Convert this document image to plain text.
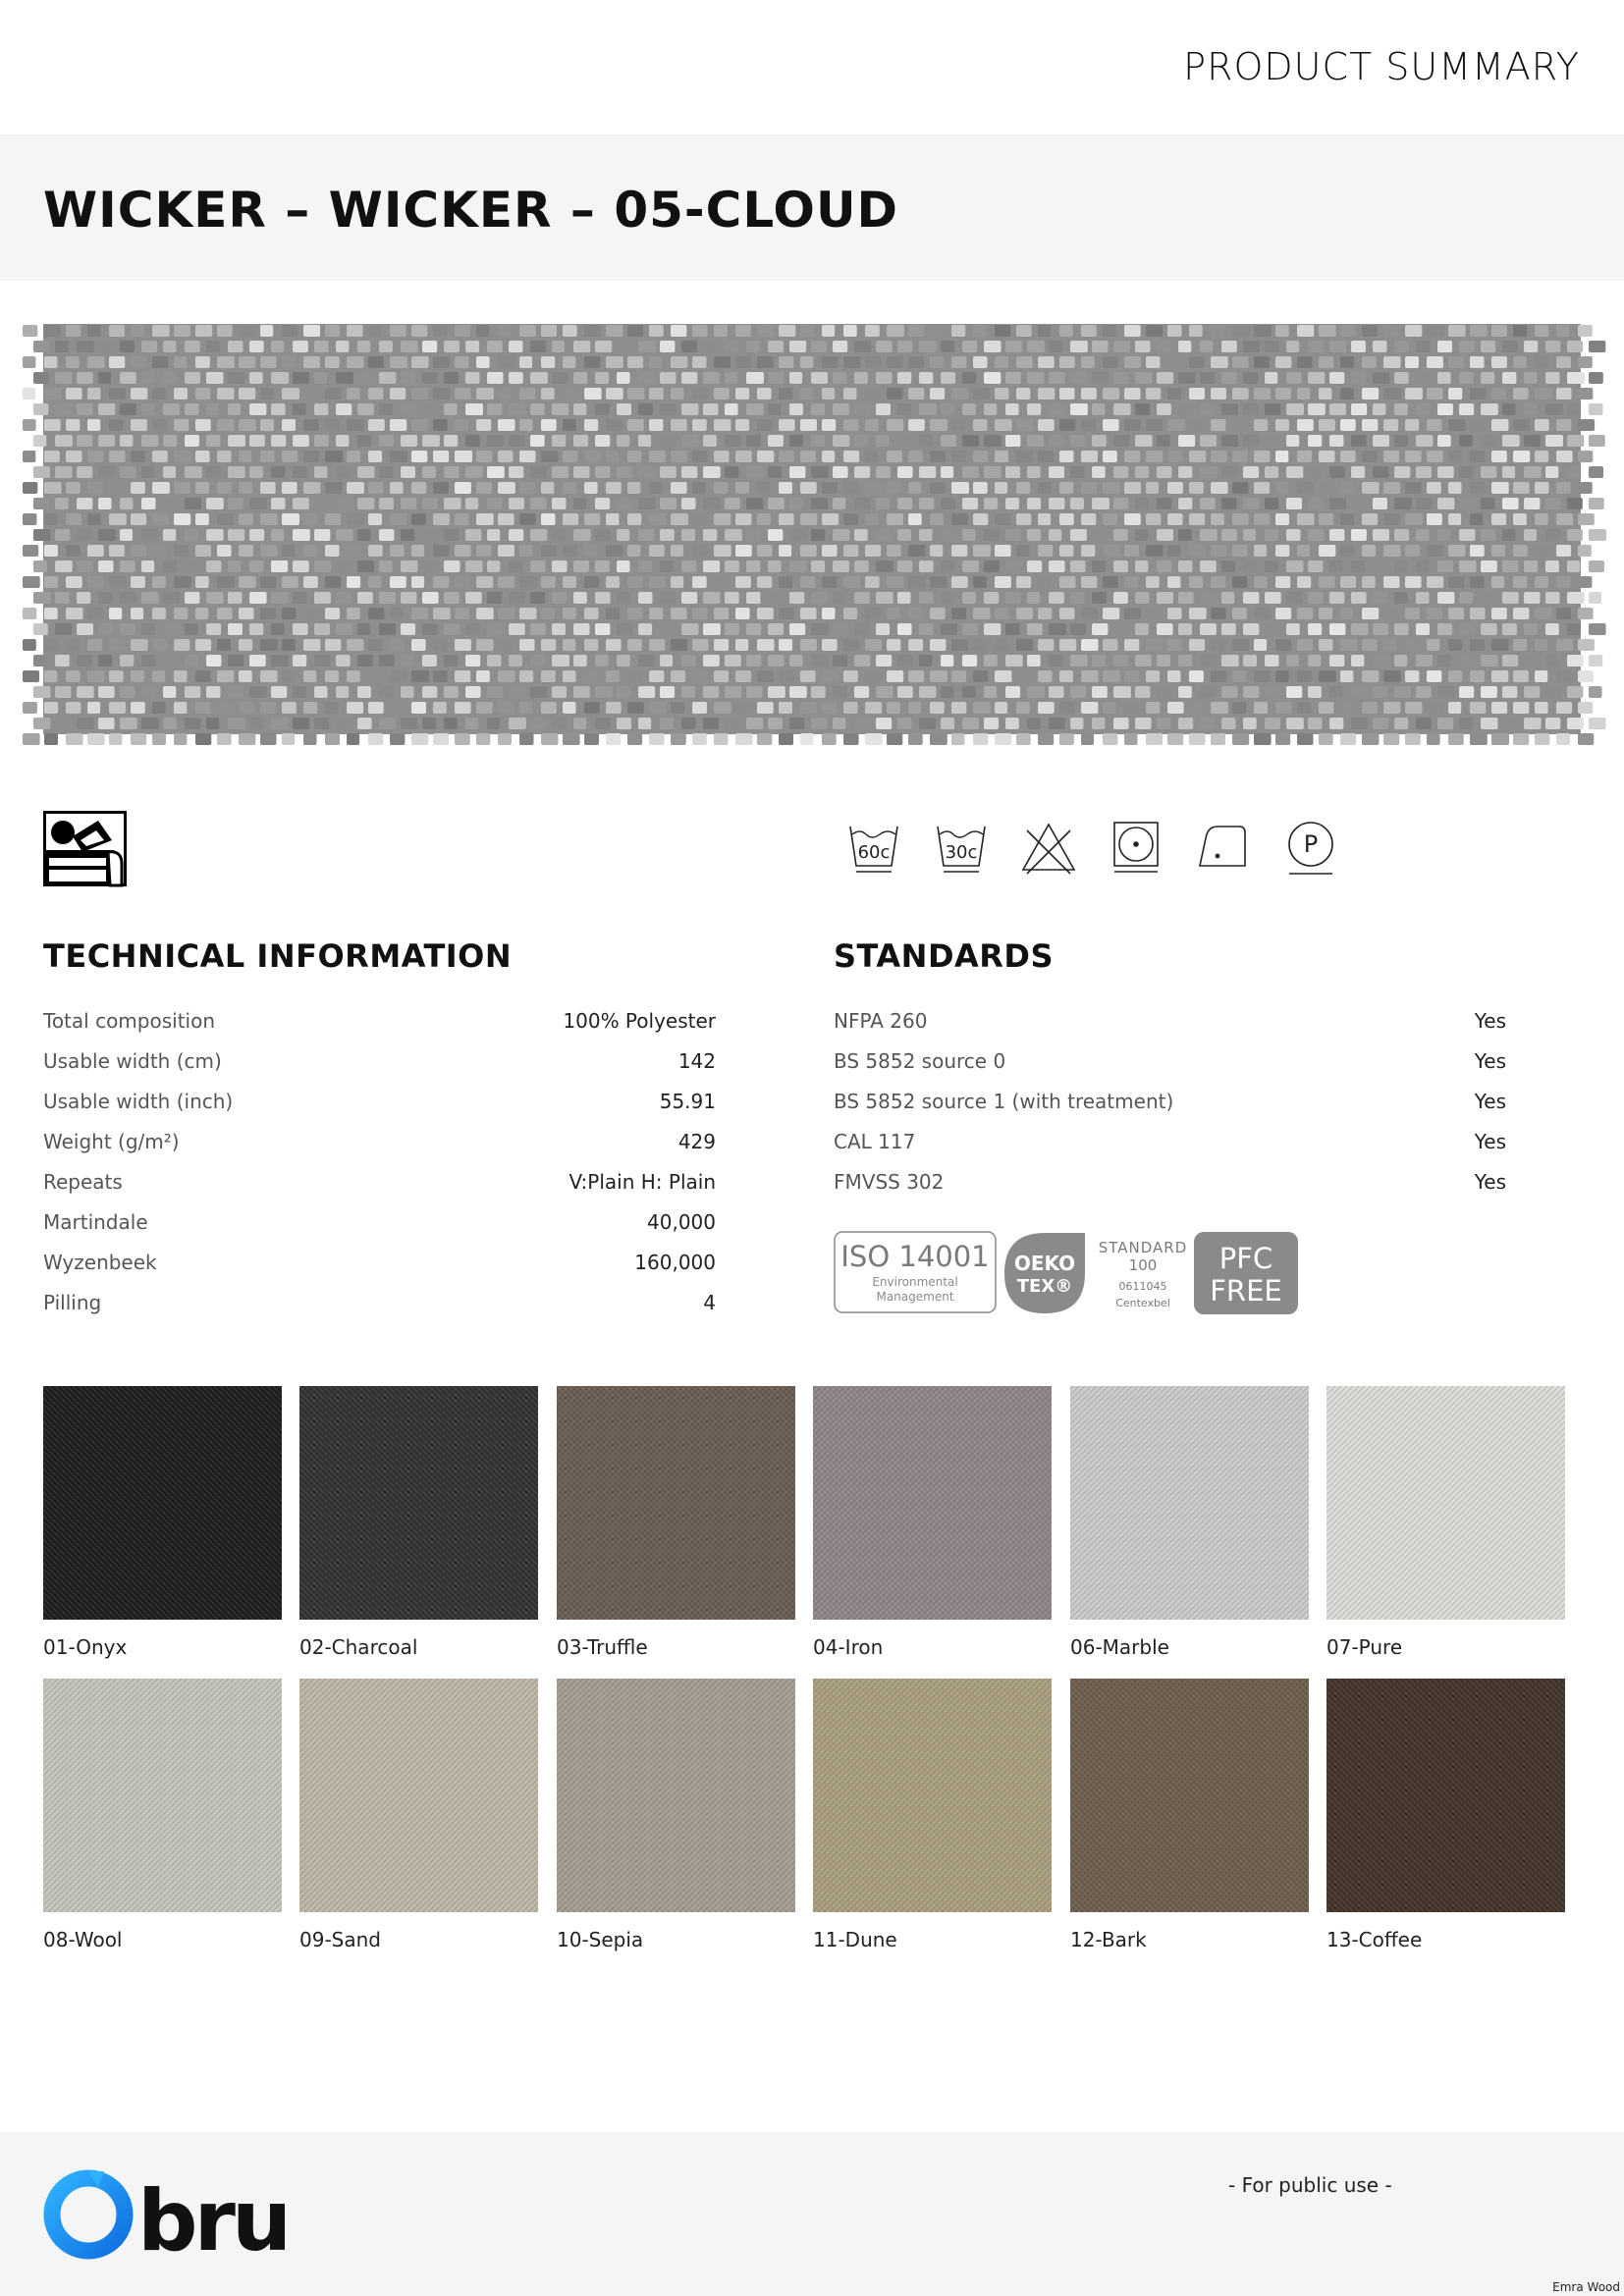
PRODUCT SUMMARY
WICKER – WICKER – 05-CLOUD
60c	30c	P
TECHNICAL INFORMATION	STANDARDS
Total composition	100% Polyester
Usable width (cm)	142
Usable width (inch)	55.91
Weight (g/m²)	429
Repeats	V:Plain H: Plain
Martindale	40,000
Wyzenbeek	160,000
Pilling	4
NFPA 260	Yes
BS 5852 source 0	Yes
BS 5852 source 1 (with treatment)	Yes
CAL 117	Yes
FMVSS 302	Yes
ISO 14001
Environmental
Management
OEKO
TEX®
STANDARD
100
0611045
Centexbel
PFC
FREE
01-Onyx	02-Charcoal	03-Truffle	04-Iron	06-Marble	07-Pure
08-Wool	09-Sand	10-Sepia	11-Dune	12-Bark	13-Coffee
bru	- For public use -
Emra Wood
